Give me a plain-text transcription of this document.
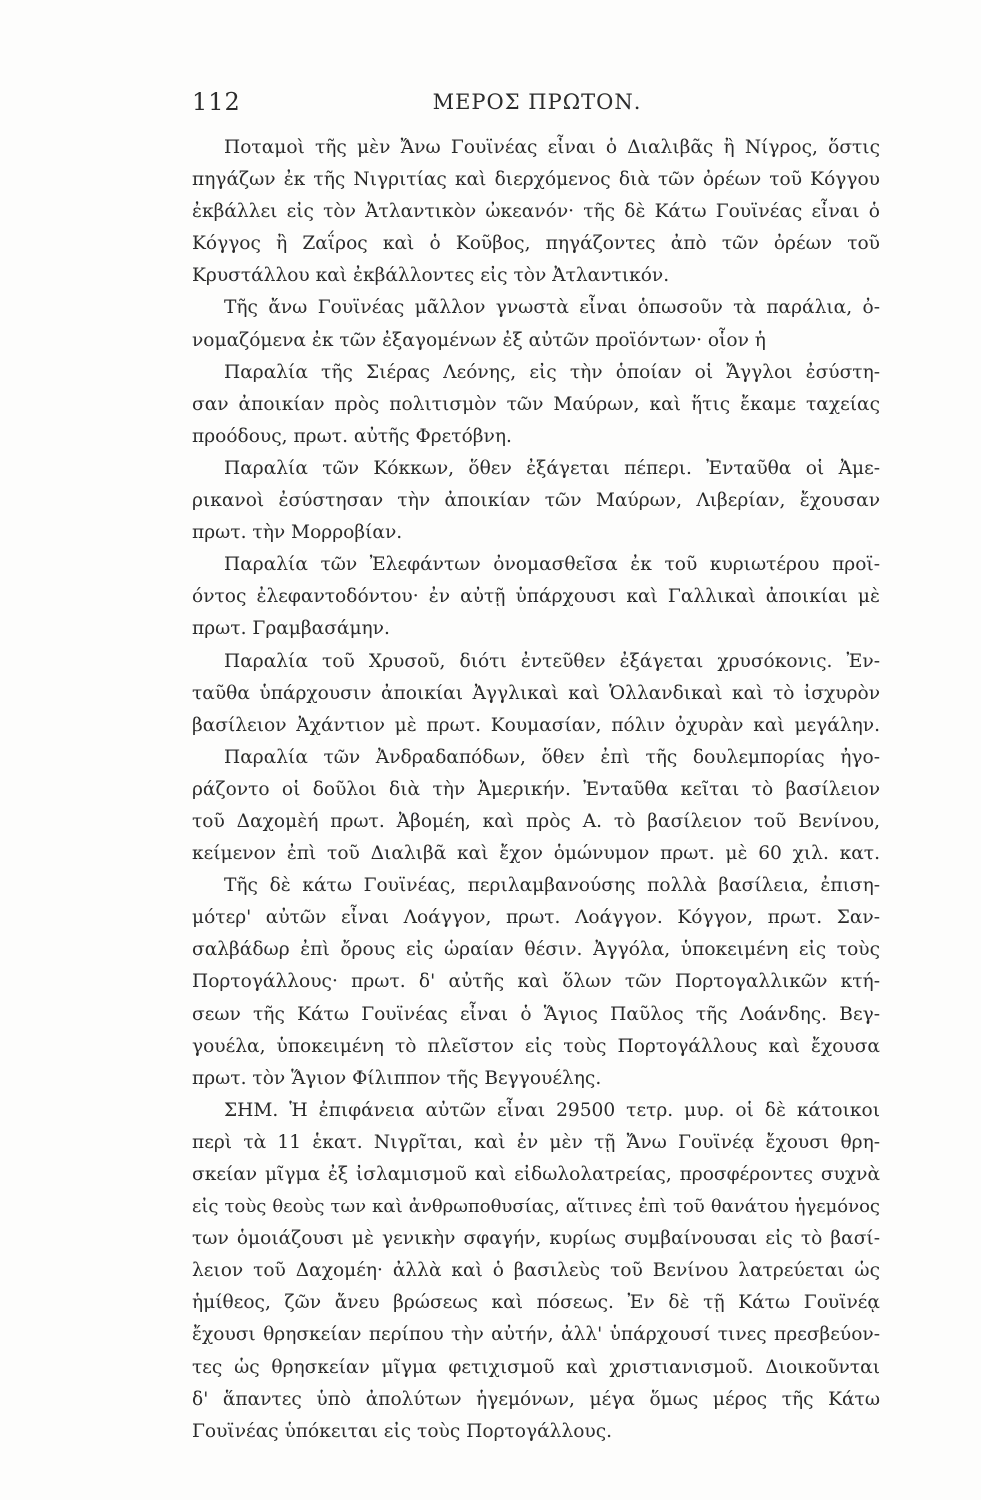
112	ΜΕΡΟΣ ΠΡΩΤΟΝ.
Ποταμοὶ τῆς μὲν Ἄνω Γουϊνέας εἶναι ὁ Διαλιβᾶς ἢ Νίγρος, ὅστις
πηγάζων ἐκ τῆς Νιγριτίας καὶ διερχόμενος διὰ τῶν ὀρέων τοῦ Κόγγου
ἐκβάλλει εἰς τὸν Ἀτλαντικὸν ὠκεανόν· τῆς δὲ Κάτω Γουϊνέας εἶναι ὁ
Κόγγος ἢ Ζαΐρος καὶ ὁ Κοῦβος, πηγάζοντες ἀπὸ τῶν ὀρέων τοῦ
Κρυστάλλου καὶ ἐκβάλλοντες εἰς τὸν Ἀτλαντικόν.
Τῆς ἄνω Γουϊνέας μᾶλλον γνωστὰ εἶναι ὁπωσοῦν τὰ παράλια, ὀ-
νομαζόμενα ἐκ τῶν ἐξαγομένων ἐξ αὐτῶν προϊόντων· οἷον ἡ
Παραλία τῆς Σιέρας Λεόνης, εἰς τὴν ὁποίαν οἱ Ἄγγλοι ἐσύστη-
σαν ἀποικίαν πρὸς πολιτισμὸν τῶν Μαύρων, καὶ ἥτις ἔκαμε ταχείας
προόδους, πρωτ. αὐτῆς Φρετόβνη.
Παραλία τῶν Κόκκων, ὅθεν ἐξάγεται πέπερι. Ἐνταῦθα οἱ Ἀμε-
ρικανοὶ ἐσύστησαν τὴν ἀποικίαν τῶν Μαύρων, Λιβερίαν, ἔχουσαν
πρωτ. τὴν Μορροβίαν.
Παραλία τῶν Ἐλεφάντων ὀνομασθεῖσα ἐκ τοῦ κυριωτέρου προϊ-
όντος ἐλεφαντοδόντου· ἐν αὐτῇ ὑπάρχουσι καὶ Γαλλικαὶ ἀποικίαι μὲ
πρωτ. Γραμβασάμην.
Παραλία τοῦ Χρυσοῦ, διότι ἐντεῦθεν ἐξάγεται χρυσόκονις. Ἐν-
ταῦθα ὑπάρχουσιν ἀποικίαι Ἀγγλικαὶ καὶ Ὁλλανδικαὶ καὶ τὸ ἰσχυρὸν
βασίλειον Ἀχάντιον μὲ πρωτ. Κουμασίαν, πόλιν ὀχυρὰν καὶ μεγάλην.
Παραλία τῶν Ἀνδραδαπόδων, ὅθεν ἐπὶ τῆς δουλεμπορίας ἠγο-
ράζοντο οἱ δοῦλοι διὰ τὴν Ἀμερικήν. Ἐνταῦθα κεῖται τὸ βασίλειον
τοῦ Δαχομὲή πρωτ. Ἀβομέη, καὶ πρὸς Α. τὸ βασίλειον τοῦ Βενίνου,
κείμενον ἐπὶ τοῦ Διαλιβᾶ καὶ ἔχον ὁμώνυμον πρωτ. μὲ 60 χιλ. κατ.
Τῆς δὲ κάτω Γουϊνέας, περιλαμβανούσης πολλὰ βασίλεια, ἐπιση-
μότερ' αὐτῶν εἶναι Λοάγγον, πρωτ. Λοάγγον. Κόγγον, πρωτ. Σαν-
σαλβάδωρ ἐπὶ ὄρους εἰς ὡραίαν θέσιν. Ἀγγόλα, ὑποκειμένη εἰς τοὺς
Πορτογάλλους· πρωτ. δ' αὐτῆς καὶ ὅλων τῶν Πορτογαλλικῶν κτή-
σεων τῆς Κάτω Γουϊνέας εἶναι ὁ Ἅγιος Παῦλος τῆς Λοάνδης. Βεγ-
γουέλα, ὑποκειμένη τὸ πλεῖστον εἰς τοὺς Πορτογάλλους καὶ ἔχουσα
πρωτ. τὸν Ἅγιον Φίλιππον τῆς Βεγγουέλης.
ΣΗΜ. Ἡ ἐπιφάνεια αὐτῶν εἶναι 29500 τετρ. μυρ. οἱ δὲ κάτοικοι
περὶ τὰ 11 ἑκατ. Νιγρῖται, καὶ ἐν μὲν τῇ Ἄνω Γουϊνέᾳ ἔχουσι θρη-
σκείαν μῖγμα ἐξ ἰσλαμισμοῦ καὶ εἰδωλολατρείας, προσφέροντες συχνὰ
εἰς τοὺς θεοὺς των καὶ ἀνθρωποθυσίας, αἵτινες ἐπὶ τοῦ θανάτου ἡγεμόνος
των ὁμοιάζουσι μὲ γενικὴν σφαγήν, κυρίως συμβαίνουσαι εἰς τὸ βασί-
λειον τοῦ Δαχομέη· ἀλλὰ καὶ ὁ βασιλεὺς τοῦ Βενίνου λατρεύεται ὡς
ἡμίθεος, ζῶν ἄνευ βρώσεως καὶ πόσεως. Ἐν δὲ τῇ Κάτω Γουϊνέᾳ
ἔχουσι θρησκείαν περίπου τὴν αὐτήν, ἀλλ' ὑπάρχουσί τινες πρεσβεύον-
τες ὡς θρησκείαν μῖγμα φετιχισμοῦ καὶ χριστιανισμοῦ. Διοικοῦνται
δ' ἅπαντες ὑπὸ ἀπολύτων ἡγεμόνων, μέγα ὅμως μέρος τῆς Κάτω
Γουϊνέας ὑπόκειται εἰς τοὺς Πορτογάλλους.
